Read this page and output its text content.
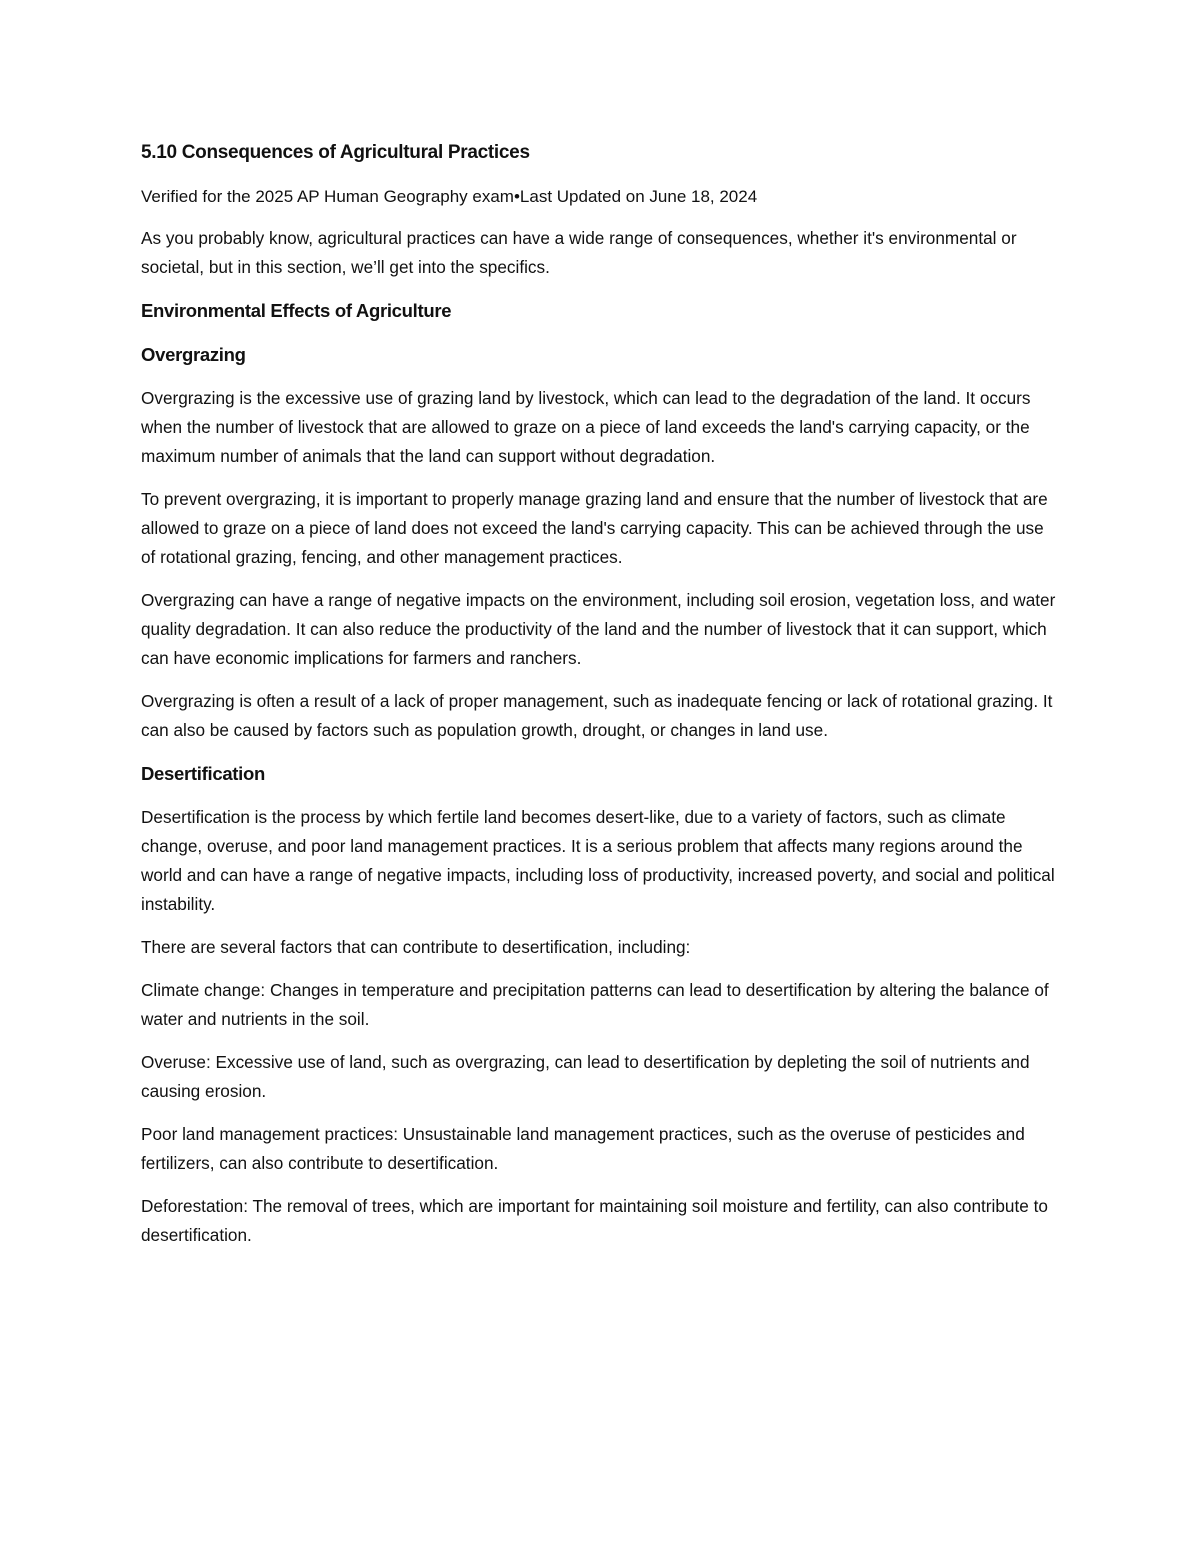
5.10 Consequences of Agricultural Practices
Verified for the 2025 AP Human Geography exam•Last Updated on June 18, 2024

As you probably know, agricultural practices can have a wide range of consequences, whether it's environmental or societal, but in this section, we’ll get into the specifics.

Environmental Effects of Agriculture
Overgrazing

Overgrazing is the excessive use of grazing land by livestock, which can lead to the degradation of the land. It occurs when the number of livestock that are allowed to graze on a piece of land exceeds the land's carrying capacity, or the maximum number of animals that the land can support without degradation.

To prevent overgrazing, it is important to properly manage grazing land and ensure that the number of livestock that are allowed to graze on a piece of land does not exceed the land's carrying capacity. This can be achieved through the use of rotational grazing, fencing, and other management practices.

Overgrazing can have a range of negative impacts on the environment, including soil erosion, vegetation loss, and water quality degradation. It can also reduce the productivity of the land and the number of livestock that it can support, which can have economic implications for farmers and ranchers.

Overgrazing is often a result of a lack of proper management, such as inadequate fencing or lack of rotational grazing. It can also be caused by factors such as population growth, drought, or changes in land use.

Desertification

Desertification is the process by which fertile land becomes desert-like, due to a variety of factors, such as climate change, overuse, and poor land management practices. It is a serious problem that affects many regions around the world and can have a range of negative impacts, including loss of productivity, increased poverty, and social and political instability.

There are several factors that can contribute to desertification, including:

Climate change: Changes in temperature and precipitation patterns can lead to desertification by altering the balance of water and nutrients in the soil.

Overuse: Excessive use of land, such as overgrazing, can lead to desertification by depleting the soil of nutrients and causing erosion.

Poor land management practices: Unsustainable land management practices, such as the overuse of pesticides and fertilizers, can also contribute to desertification.

Deforestation: The removal of trees, which are important for maintaining soil moisture and fertility, can also contribute to desertification.
